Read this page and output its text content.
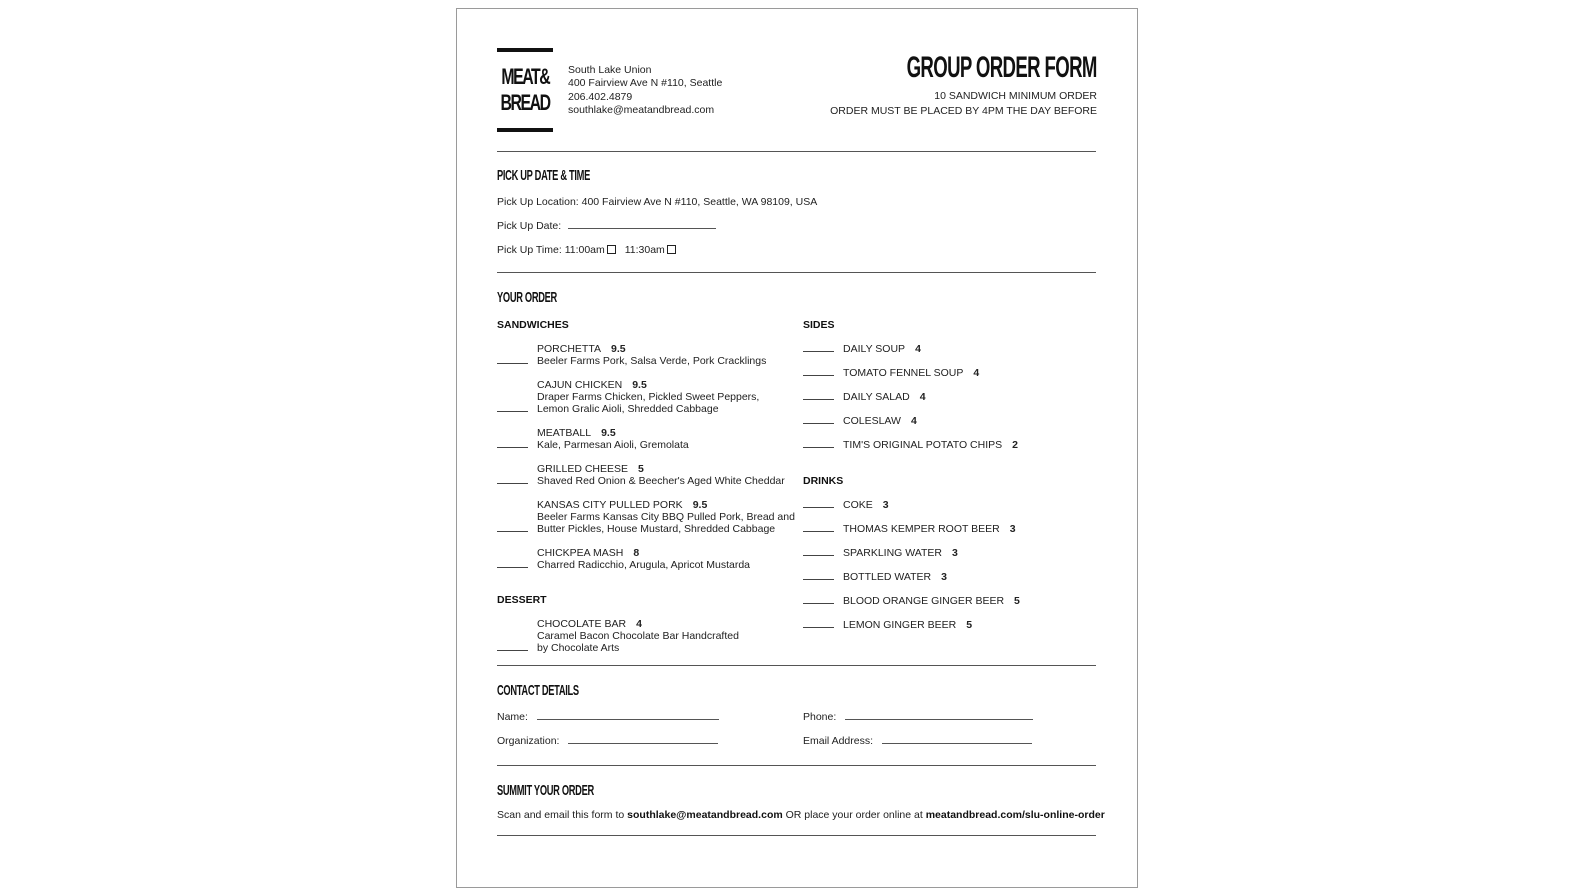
MEAT&
BREAD
South Lake Union
400 Fairview Ave N #110, Seattle
206.402.4879
southlake@meatandbread.com
GROUP ORDER FORM
10 SANDWICH MINIMUM ORDER
ORDER MUST BE PLACED BY 4PM THE DAY BEFORE
PICK UP DATE & TIME
Pick Up Location: 400 Fairview Ave N #110, Seattle, WA 98109, USA
Pick Up Date:
Pick Up Time: 11:00am 11:30am
YOUR ORDER
SANDWICHES
PORCHETTA 9.5
Beeler Farms Pork, Salsa Verde, Pork Cracklings
CAJUN CHICKEN 9.5
Draper Farms Chicken, Pickled Sweet Peppers,
Lemon Gralic Aioli, Shredded Cabbage
MEATBALL 9.5
Kale, Parmesan Aioli, Gremolata
GRILLED CHEESE 5
Shaved Red Onion & Beecher's Aged White Cheddar
KANSAS CITY PULLED PORK 9.5
Beeler Farms Kansas City BBQ Pulled Pork, Bread and
Butter Pickles, House Mustard, Shredded Cabbage
CHICKPEA MASH 8
Charred Radicchio, Arugula, Apricot Mustarda
DESSERT
CHOCOLATE BAR 4
Caramel Bacon Chocolate Bar Handcrafted
by Chocolate Arts
SIDES
DAILY SOUP 4
TOMATO FENNEL SOUP 4
DAILY SALAD 4
COLESLAW 4
TIM'S ORIGINAL POTATO CHIPS 2
DRINKS
COKE 3
THOMAS KEMPER ROOT BEER 3
SPARKLING WATER 3
BOTTLED WATER 3
BLOOD ORANGE GINGER BEER 5
LEMON GINGER BEER 5
CONTACT DETAILS
Name:	Phone:
Organization:	Email Address:
SUMMIT YOUR ORDER
Scan and email this form to southlake@meatandbread.com OR place your order online at meatandbread.com/slu-online-order
